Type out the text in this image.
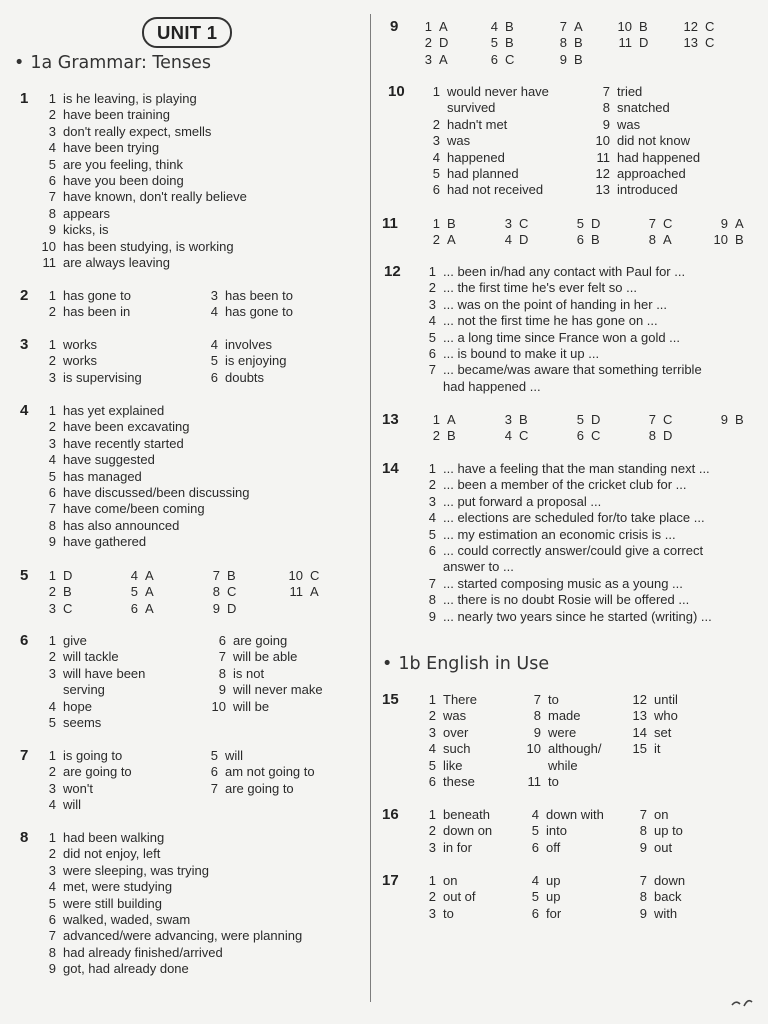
UNIT 1
• 1a Grammar: Tenses
1 1 is he leaving, is playing
2 have been training
3 don't really expect, smells
4 have been trying
5 are you feeling, think
6 have you been doing
7 have known, don't really believe
8 appears
9 kicks, is
10 has been studying, is working
11 are always leaving
2 1 has gone to
2 has been in
3 has been to
4 has gone to
3 1 works
2 works
3 is supervising
4 involves
5 is enjoying
6 doubts
4 1 has yet explained
2 have been excavating
3 have recently started
4 have suggested
5 has managed
6 have discussed/been discussing
7 have come/been coming
8 has also announced
9 have gathered
5 1 D
2 B
3 C
4 A
5 A
6 A
7 B
8 C
9 D
10 C
11 A
6 1 give
2 will tackle
3 will have been
serving
4 hope
5 seems
6 are going
7 will be able
8 is not
9 will never make
10 will be
7 1 is going to
2 are going to
3 won't
4 will
5 will
6 am not going to
7 are going to
8 1 had been walking
2 did not enjoy, left
3 were sleeping, was trying
4 met, were studying
5 were still building
6 walked, waded, swam
7 advanced/were advancing, were planning
8 had already finished/arrived
9 got, had already done
• 1b English in Use
9 1 A
2 D
3 A
4 B
5 B
6 C
7 A
8 B
9 B
10 B
11 D
12 C
13 C
10 1 would never have
survived
2 hadn't met
3 was
4 happened
5 had planned
6 had not received
7 tried
8 snatched
9 was
10 did not know
11 had happened
12 approached
13 introduced
11	1 B
2 A
3 C
4 D
5 D
6 B
7 C
8 A
9 A
10 B
12 1 ... been in/had any contact with Paul for ...
2 ... the first time he's ever felt so ...
3 ... was on the point of handing in her ...
4 ... not the first time he has gone on ...
5 ... a long time since France won a gold ...
6 ... is bound to make it up ...
7 ... became/was aware that something terrible
had happened ...
13	1 A
2 B
3 B
4 C
5 D
6 C
7 C
8 D
9 B
14 1 ... have a feeling that the man standing next ...
2 ... been a member of the cricket club for ...
3 ... put forward a proposal ...
4 ... elections are scheduled for/to take place ...
5 ... my estimation an economic crisis is ...
6 ... could correctly answer/could give a correct
answer to ...
7 ... started composing music as a young ...
8 ... there is no doubt Rosie will be offered ...
9 ... nearly two years since he started (writing) ...
15 1 There
2 was
3 over
4 such
5 like
6 these
7 to
8 made
9 were
10 although/
while
11 to
12 until
13 who
14 set
15 it
16 1 beneath
2 down on
3 in for
4 down with
5 into
6 off
7 on
8 up to
9 out
17 1 on
2 out of
3 to
4 up
5 up
6 for
7 down
8 back
9 with
